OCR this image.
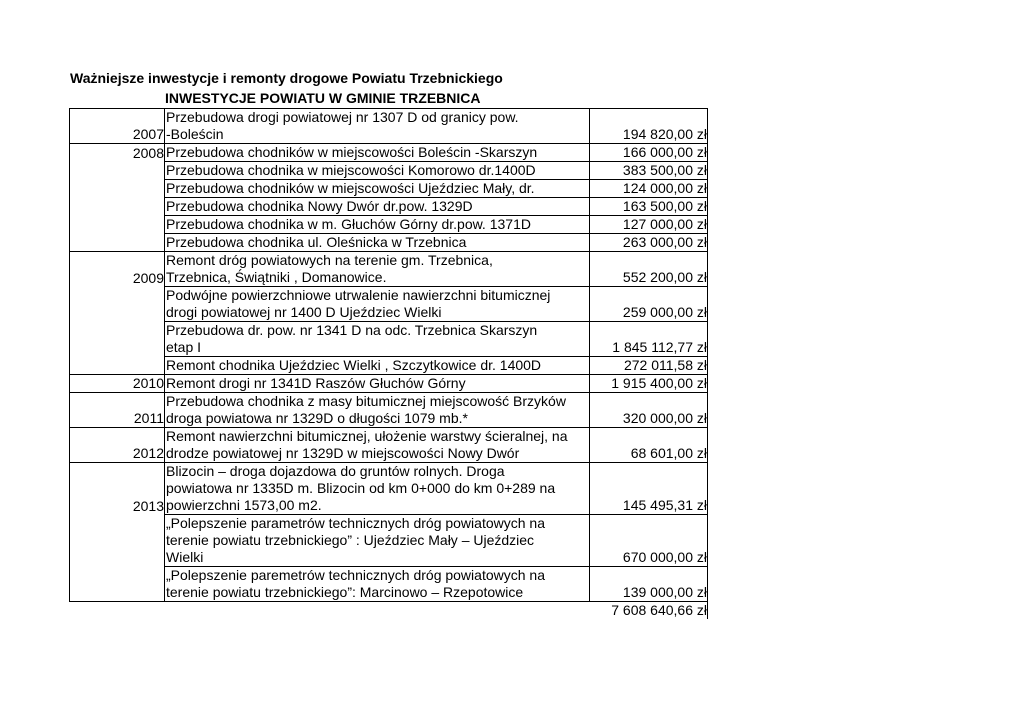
Ważniejsze inwestycje i remonty drogowe Powiatu Trzebnickiego
INWESTYCJE POWIATU W GMINIE TRZEBNICA
2007	Przebudowa drogi powiatowej nr 1307 D od granicy pow.
-Boleścin	194 820,00 zł
2008	Przebudowa chodników w miejscowości Boleścin -Skarszyn	166 000,00 zł

	Przebudowa chodnika w miejscowości Komorowo dr.1400D	383 500,00 zł

	Przebudowa chodników w miejscowości Ujeździec Mały, dr.	124 000,00 zł

	Przebudowa chodnika Nowy Dwór dr.pow. 1329D	163 500,00 zł

	Przebudowa chodnika w m. Głuchów Górny dr.pow. 1371D	127 000,00 zł

	Przebudowa chodnika ul. Oleśnicka w Trzebnica	263 000,00 zł
2009	Remont dróg powiatowych na terenie gm. Trzebnica,
Trzebnica, Świątniki , Domanowice.	552 200,00 zł

	Podwójne powierzchniowe utrwalenie nawierzchni bitumicznej
drogi powiatowej nr 1400 D Ujeździec Wielki	259 000,00 zł

	Przebudowa dr. pow. nr 1341 D na odc. Trzebnica Skarszyn
etap I	1 845 112,77 zł

	Remont chodnika Ujeździec Wielki , Szczytkowice dr. 1400D	272 011,58 zł
2010	Remont drogi nr 1341D Raszów Głuchów Górny	1 915 400,00 zł
2011	Przebudowa chodnika z masy bitumicznej miejscowość Brzyków
droga powiatowa nr 1329D o długości 1079 mb.*	320 000,00 zł
2012	Remont nawierzchni bitumicznej, ułożenie warstwy ścieralnej, na
drodze powiatowej nr 1329D w miejscowości Nowy Dwór	68 601,00 zł
2013	Blizocin – droga dojazdowa do gruntów rolnych. Droga
powiatowa nr 1335D m. Blizocin od km 0+000 do km 0+289 na
powierzchni 1573,00 m2.	145 495,31 zł

	„Polepszenie parametrów technicznych dróg powiatowych na
terenie powiatu trzebnickiego” : Ujeździec Mały – Ujeździec
Wielki	670 000,00 zł

	„Polepszenie paremetrów technicznych dróg powiatowych na
terenie powiatu trzebnickiego”: Marcinowo – Rzepotowice	139 000,00 zł
		7 608 640,66 zł
